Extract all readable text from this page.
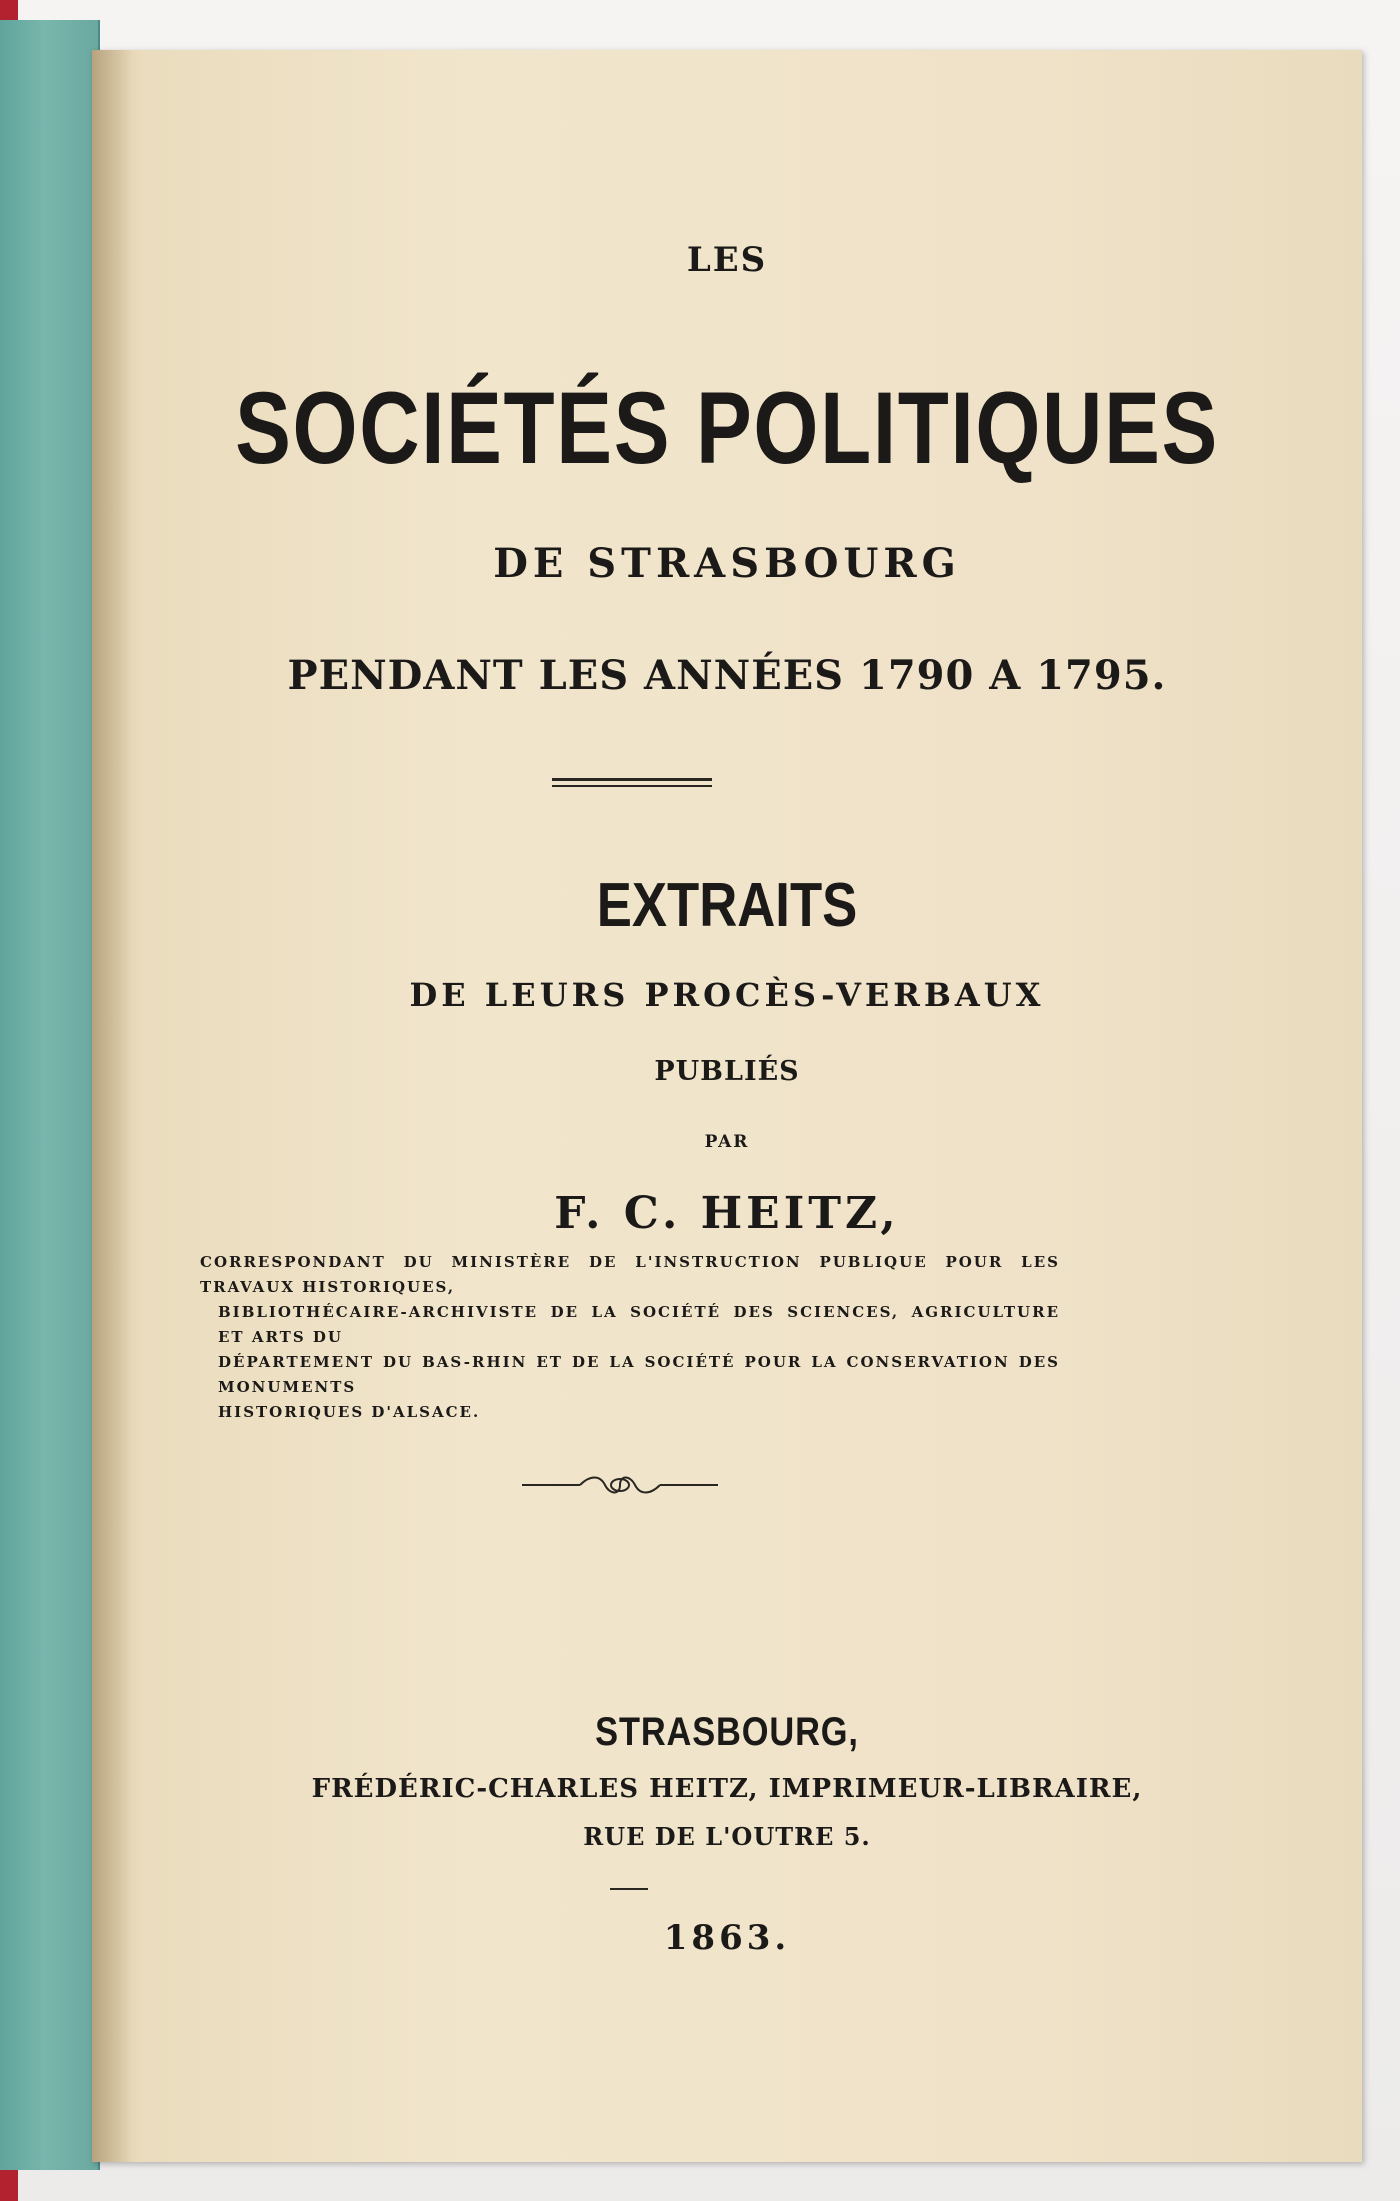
LES
SOCIÉTÉS POLITIQUES
DE STRASBOURG
PENDANT LES ANNÉES 1790 A 1795.
EXTRAITS
DE LEURS PROCÈS-VERBAUX
PUBLIÉS
PAR
F. C. HEITZ,
CORRESPONDANT DU MINISTÈRE DE L'INSTRUCTION PUBLIQUE POUR LES TRAVAUX HISTORIQUES,
BIBLIOTHÉCAIRE-ARCHIVISTE DE LA SOCIÉTÉ DES SCIENCES, AGRICULTURE ET ARTS DU
DÉPARTEMENT DU BAS-RHIN ET DE LA SOCIÉTÉ POUR LA CONSERVATION DES MONUMENTS
HISTORIQUES D'ALSACE.
STRASBOURG,
FRÉDÉRIC-CHARLES HEITZ, IMPRIMEUR-LIBRAIRE,
RUE DE L'OUTRE 5.
1863.
